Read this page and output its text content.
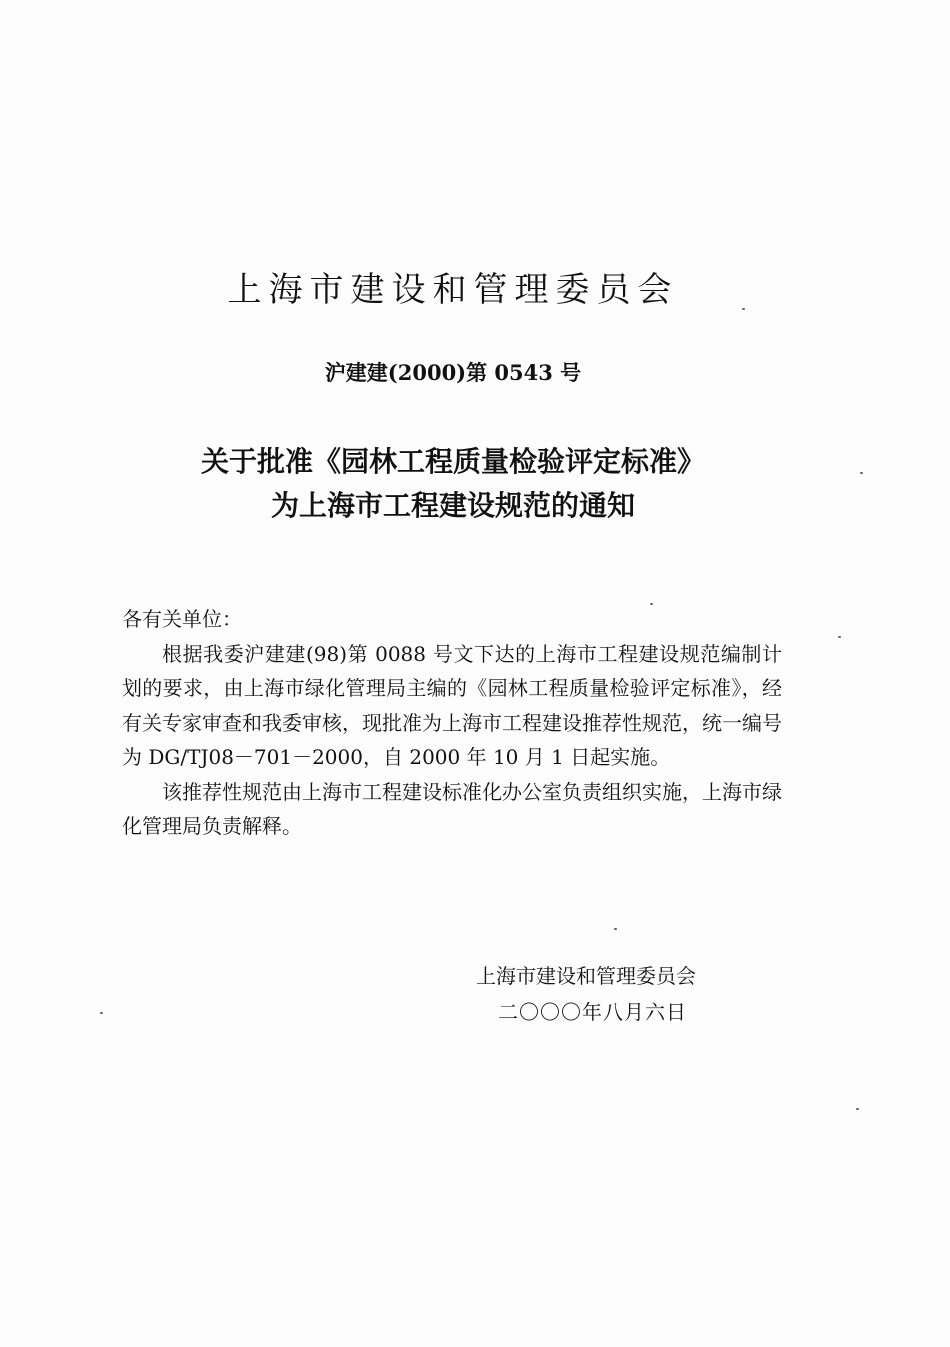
上海市建设和管理委员会
沪建建(2000)第 0543 号
关于批准《园林工程质量检验评定标准》
为上海市工程建设规范的通知

各有关单位：

根据我委沪建建(98)第 0088 号文下达的上海市工程建设规范编制计划的要求，由上海市绿化管理局主编的《园林工程质量检验评定标准》，经有关专家审查和我委审核，现批准为上海市工程建设推荐性规范，统一编号为 DG/TJ08－701－2000，自 2000 年 10 月 1 日起实施。

该推荐性规范由上海市工程建设标准化办公室负责组织实施，上海市绿化管理局负责解释。

上海市建设和管理委员会
二〇〇〇年八月六日
